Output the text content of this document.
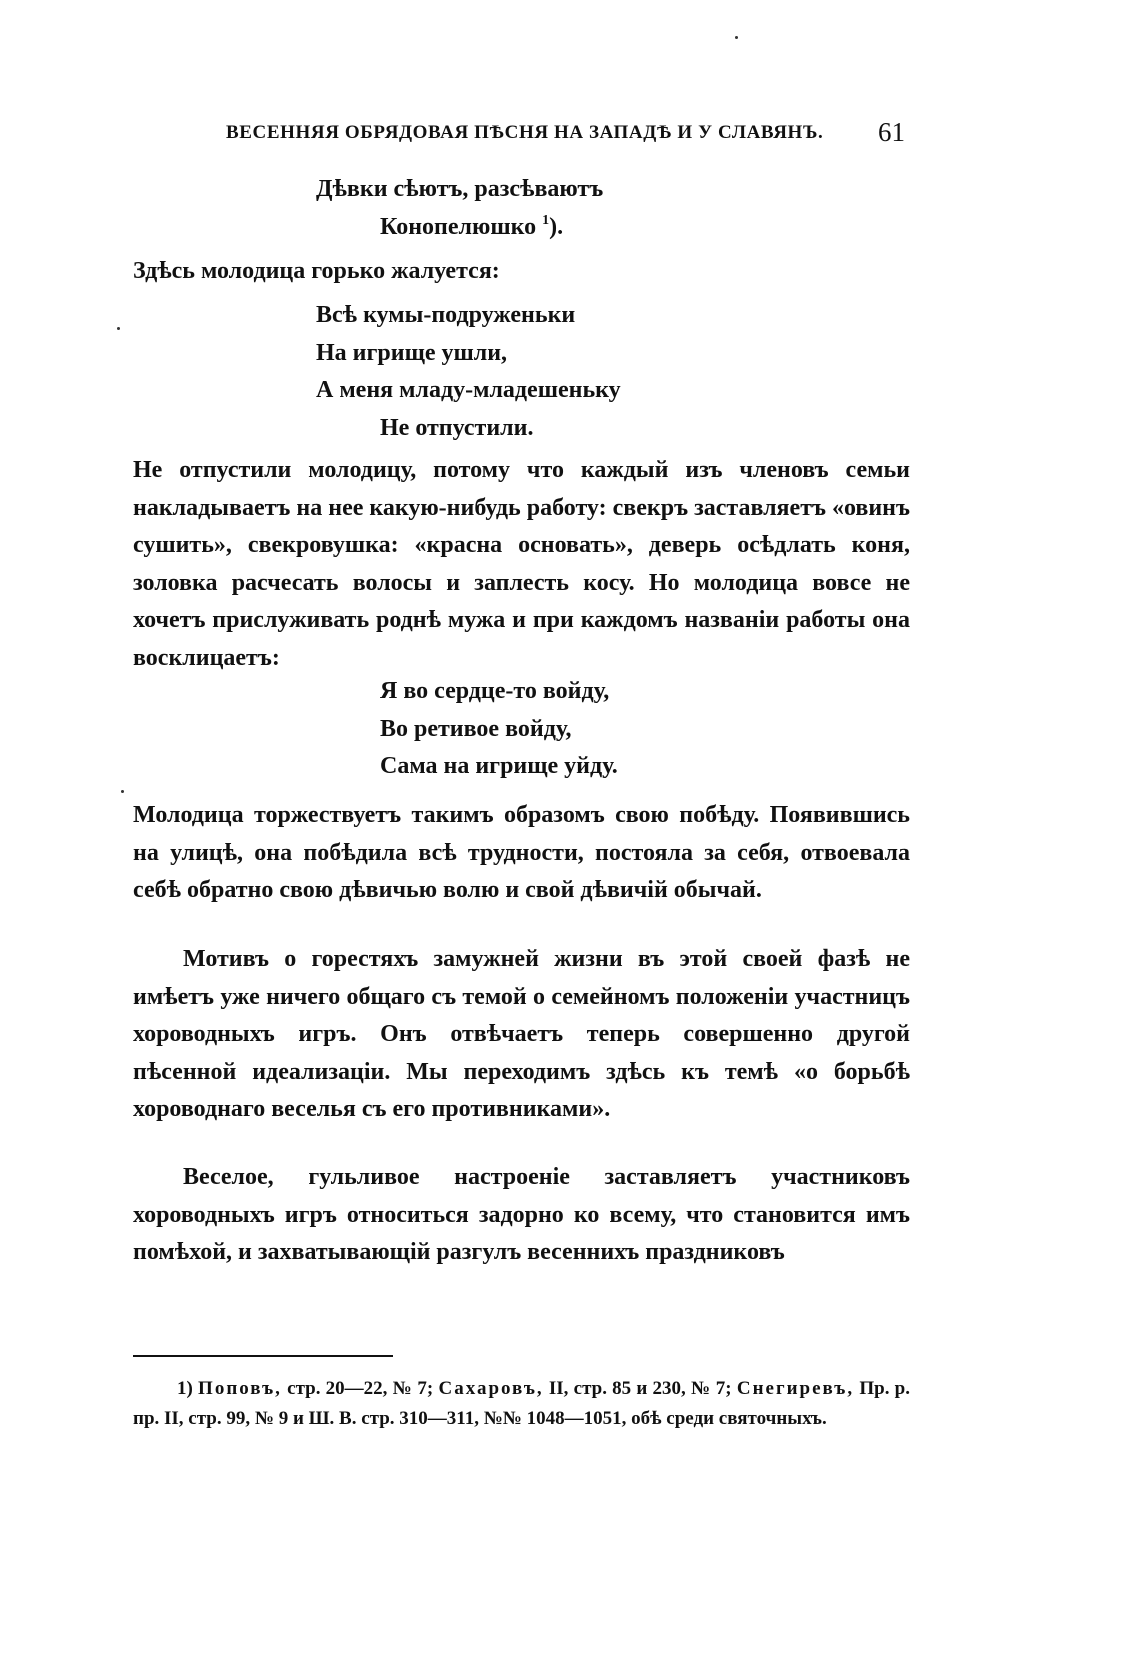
ВЕСЕННЯЯ ОБРЯДОВАЯ ПѢСНЯ НА ЗАПАДѢ И У СЛАВЯНЪ. 61
Дѣвки сѣютъ, разсѣваютъ
Конопелюшко $^1$).
Здѣсь молодица горько жалуется:
Всѣ кумы-подруженьки
На игрище ушли,
А меня младу-младешеньку
Не отпустили.
Не отпустили молодицу, потому что каждый изъ членовъ семьи накладываетъ на нее какую-нибудь работу: свекръ заставляетъ «овинъ сушить», свекровушка: «красна основать», деверь осѣдлать коня, золовка расчесать волосы и заплесть косу. Но молодица вовсе не хочетъ прислуживать роднѣ мужа и при каждомъ названіи работы она восклицаетъ:
Я во сердце-то войду,
Во ретивое войду,
Сама на игрище уйду.
Молодица торжествуетъ такимъ образомъ свою побѣду. Появившись на улицѣ, она побѣдила всѣ трудности, постояла за себя, отвоевала себѣ обратно свою дѣвичью волю и свой дѣвичій обычай.
Мотивъ о горестяхъ замужней жизни въ этой своей фазѣ не имѣетъ уже ничего общаго съ темой о семейномъ положеніи участницъ хороводныхъ игръ. Онъ отвѣчаетъ теперь совершенно другой пѣсенной идеализаціи. Мы переходимъ здѣсь къ темѣ «о борьбѣ хороводнаго веселья съ его противниками».
Веселое, гульливое настроеніе заставляетъ участниковъ хороводныхъ игръ относиться задорно ко всему, что становится имъ помѣхой, и захватывающій разгулъ весеннихъ праздниковъ
1) Поповъ, стр. 20—22, № 7; Сахаровъ, II, стр. 85 и 230, № 7; Снегиревъ, Пр. р. пр. II, стр. 99, № 9 и Ш. В. стр. 310—311, №№ 1048—1051, обѣ среди святочныхъ.
